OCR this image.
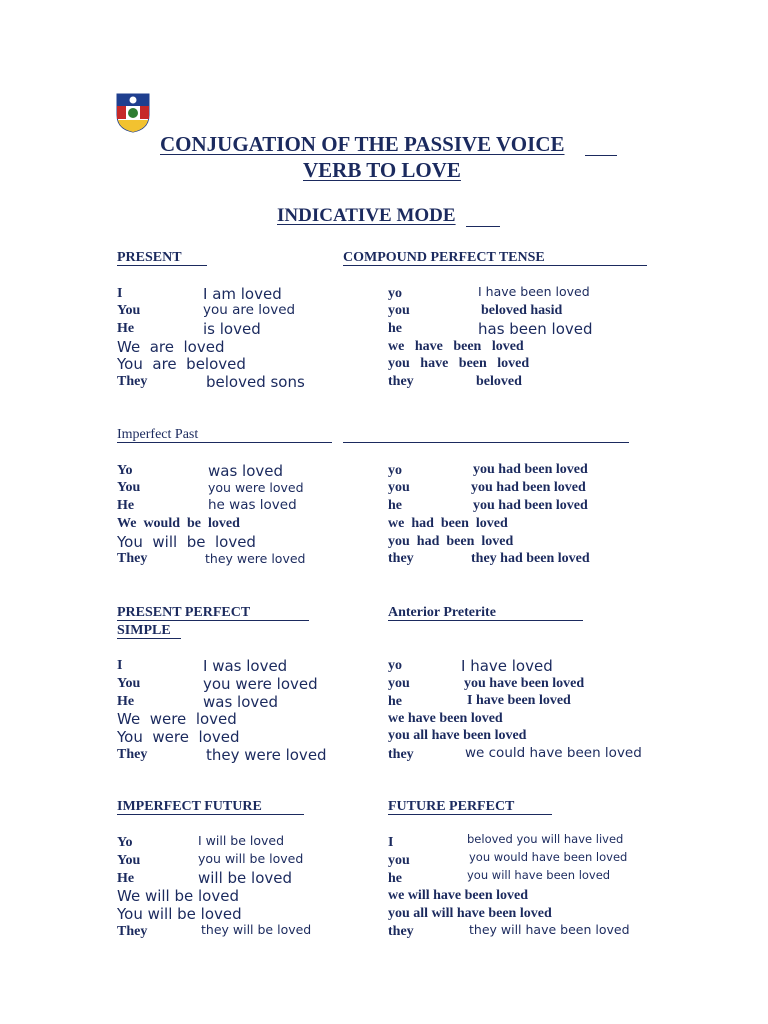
CONJUGATION OF THE PASSIVE VOICE
VERB TO LOVE
INDICATIVE MODE
PRESENT
I	I am loved
You	you are loved
He	is loved
We  are  loved
You  are  beloved
They	beloved sons
COMPOUND PERFECT TENSE
yo	I have been loved
you	beloved hasid
he	has been loved
we   have   been   loved
you   have   been   loved
they	beloved
Imperfect Past
Yo	was loved
You	you were loved
He	he was loved
We  would  be  loved
You  will  be  loved
They	they were loved
yo	you had been loved
you	you had been loved
he	you had been loved
we  had  been  loved
you  had  been  loved
they	they had been loved
PRESENT PERFECT
SIMPLE
I	I was loved
You	you were loved
He	was loved
We  were  loved
You  were  loved
They	they were loved
Anterior Preterite
yo	I have loved
you	you have been loved
he	I have been loved
we have been loved
you all have been loved
they	we could have been loved
IMPERFECT FUTURE
Yo	I will be loved
You	you will be loved
He	will be loved
We will be loved
You will be loved
They	they will be loved
FUTURE PERFECT
I	beloved you will have lived
you	you would have been loved
he	you will have been loved
we will have been loved
you all will have been loved
they	they will have been loved
